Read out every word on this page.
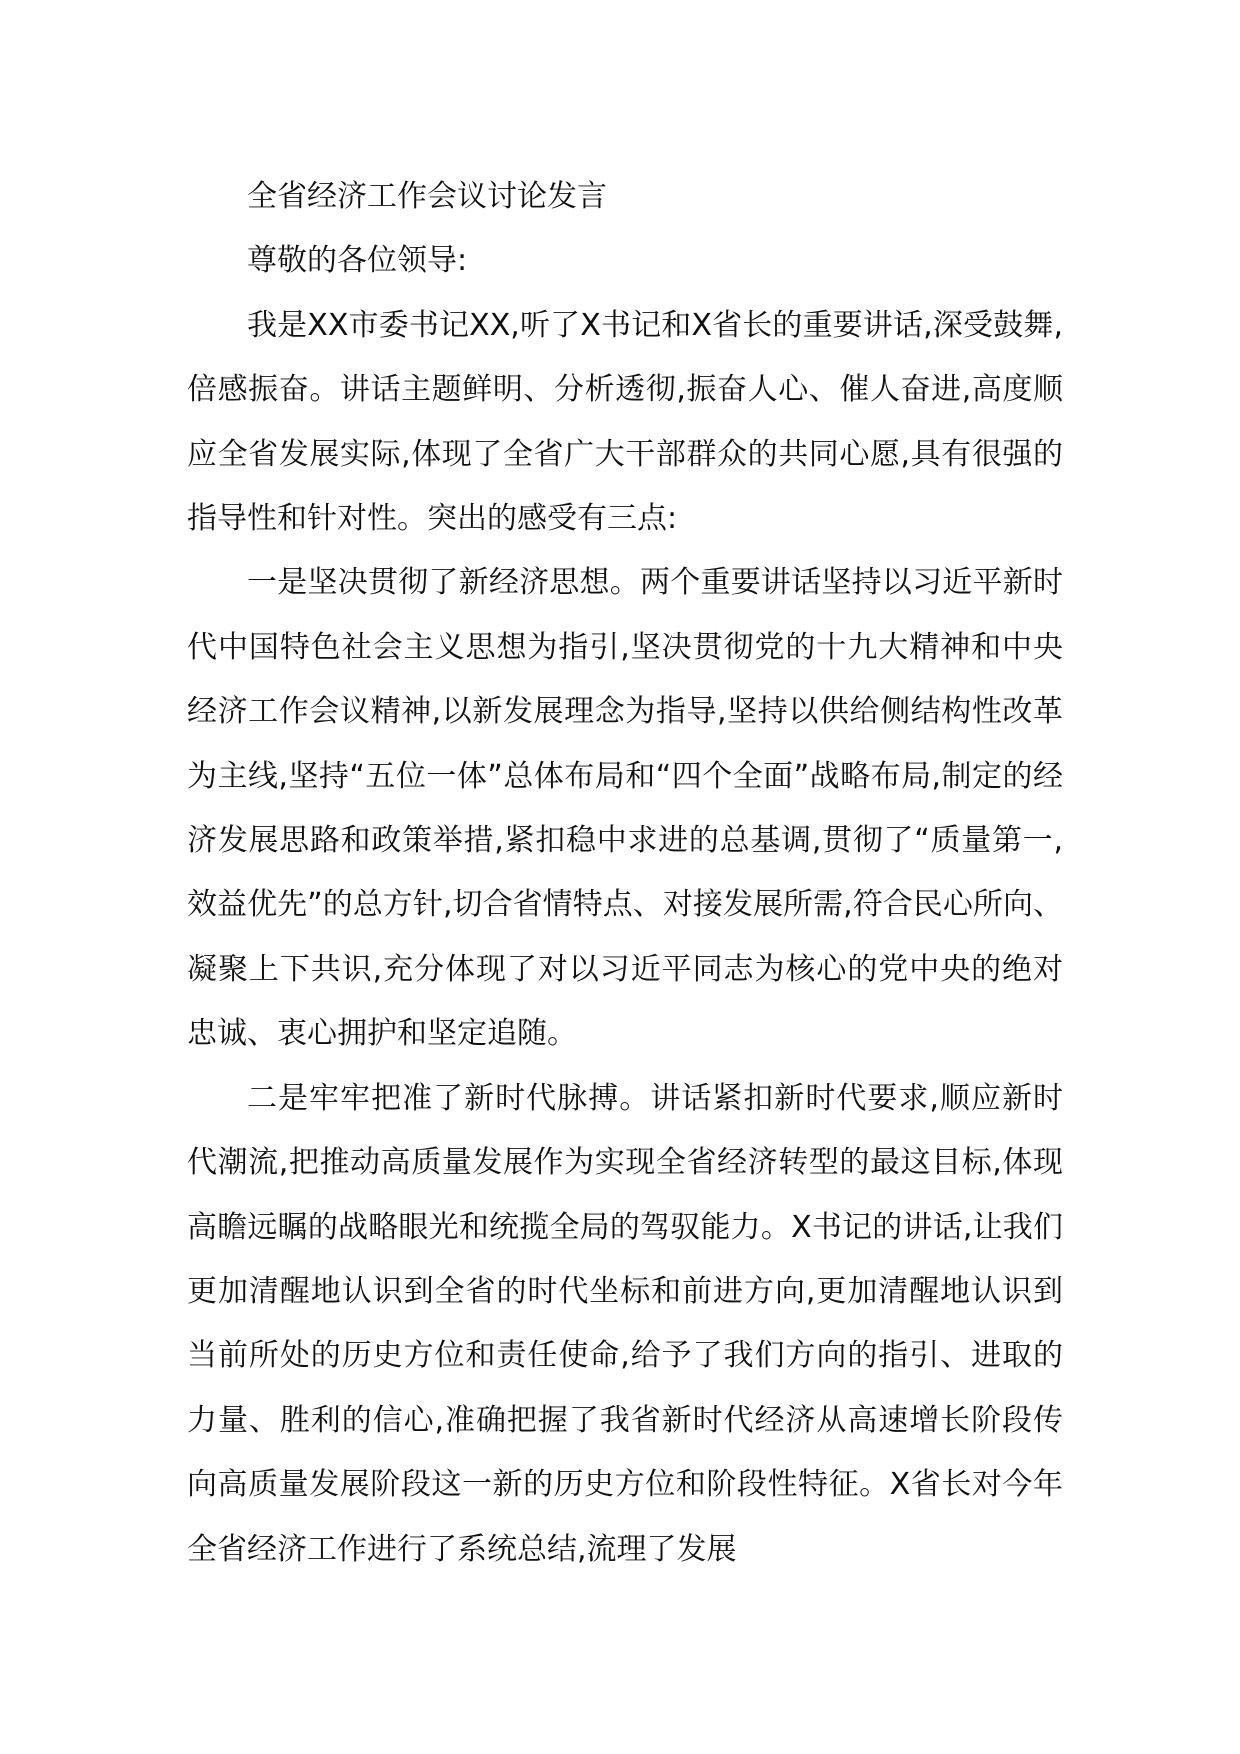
全省经济工作会议讨论发言

尊敬的各位领导:

我是XX市委书记XX,听了X书记和X省长的重要讲话,深受鼓舞,倍感振奋。讲话主题鲜明、分析透彻,振奋人心、催人奋进,高度顺应全省发展实际,体现了全省广大干部群众的共同心愿,具有很强的指导性和针对性。突出的感受有三点:

一是坚决贯彻了新经济思想。两个重要讲话坚持以习近平新时代中国特色社会主义思想为指引,坚决贯彻党的十九大精神和中央经济工作会议精神,以新发展理念为指导,坚持以供给侧结构性改革为主线,坚持“五位一体”总体布局和“四个全面”战略布局,制定的经济发展思路和政策举措,紧扣稳中求进的总基调,贯彻了“质量第一,效益优先”的总方针,切合省情特点、对接发展所需,符合民心所向、凝聚上下共识,充分体现了对以习近平同志为核心的党中央的绝对忠诚、衷心拥护和坚定追随。

二是牢牢把准了新时代脉搏。讲话紧扣新时代要求,顺应新时代潮流,把推动高质量发展作为实现全省经济转型的最这目标,体现高瞻远瞩的战略眼光和统揽全局的驾驭能力。X书记的讲话,让我们更加清醒地认识到全省的时代坐标和前进方向,更加清醒地认识到当前所处的历史方位和责任使命,给予了我们方向的指引、进取的力量、胜利的信心,准确把握了我省新时代经济从高速增长阶段传向高质量发展阶段这一新的历史方位和阶段性特征。X省长对今年全省经济工作进行了系统总结,流理了发展
